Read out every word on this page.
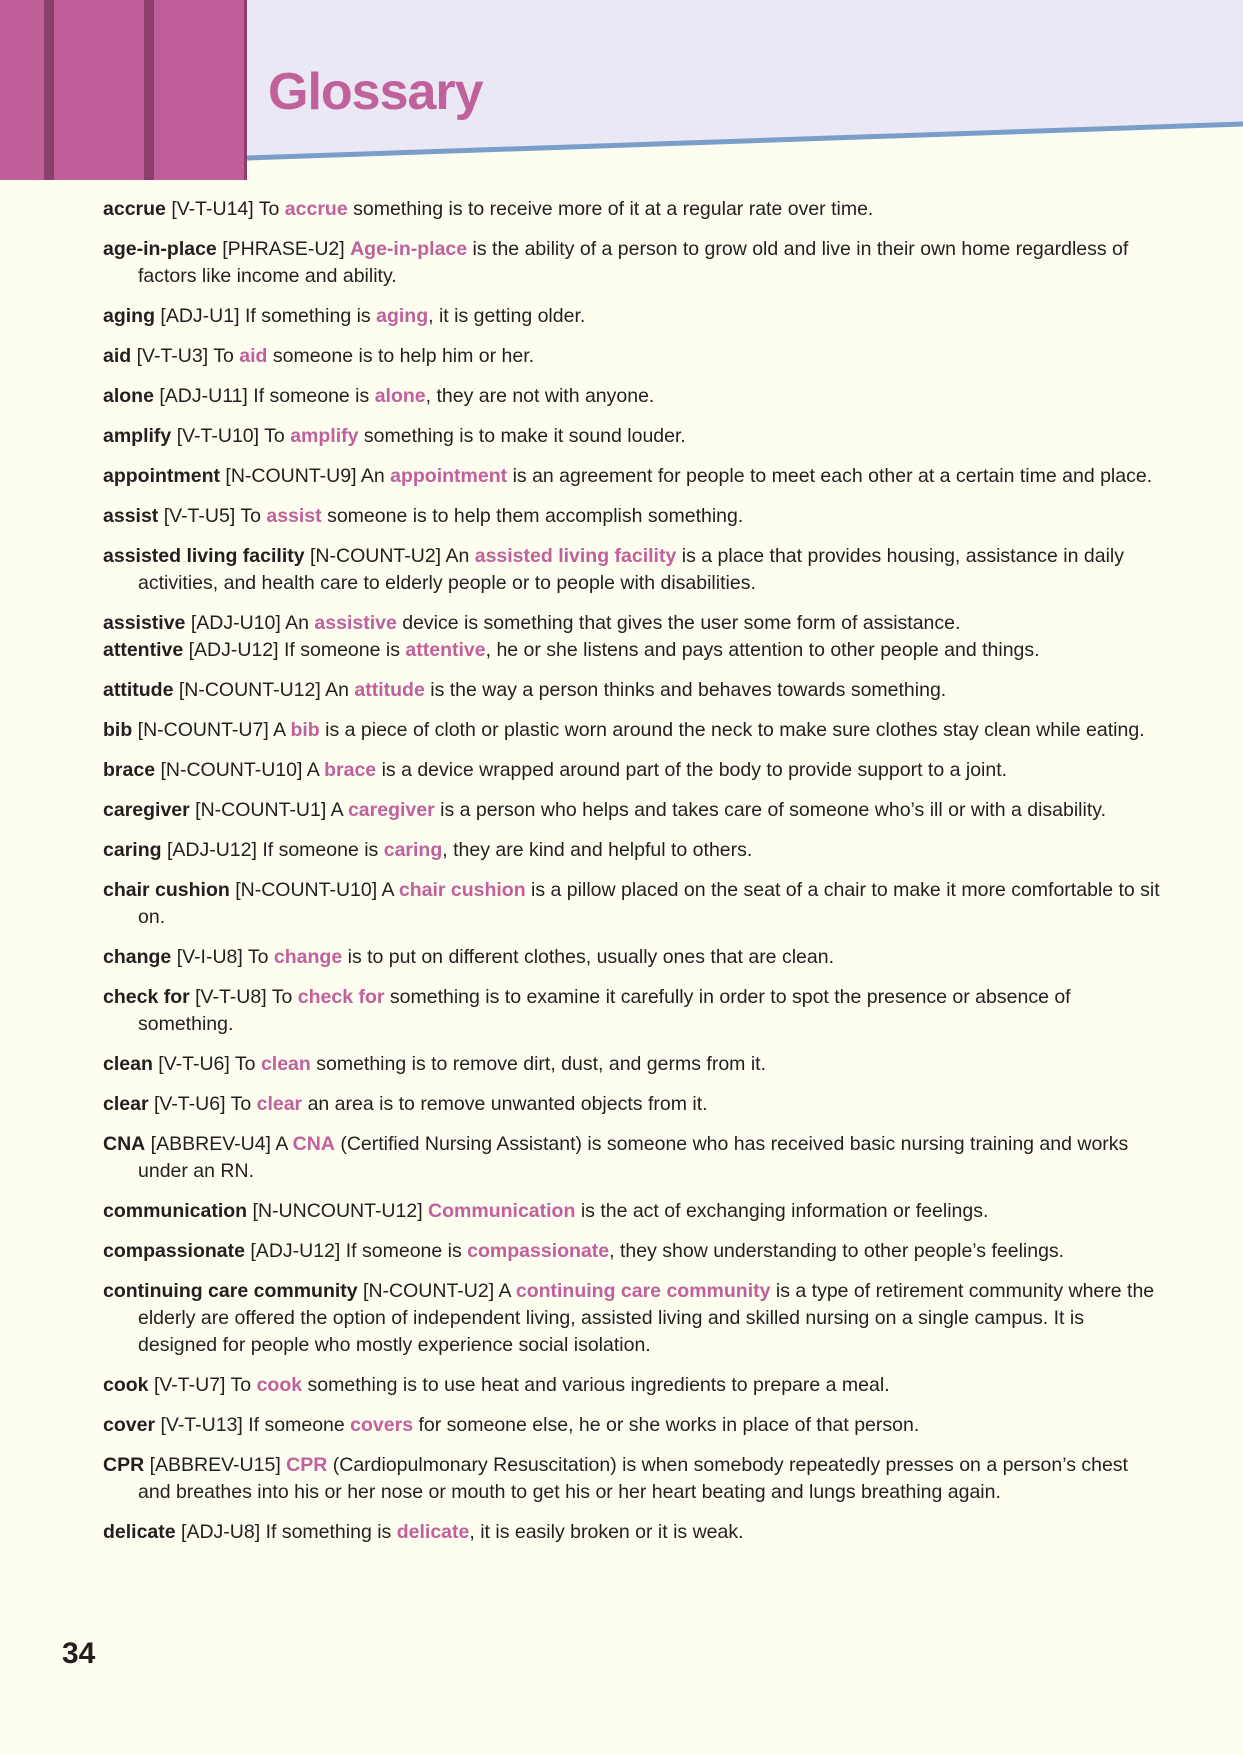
Glossary

accrue [V-T-U14] To accrue something is to receive more of it at a regular rate over time.

age-in-place [PHRASE-U2] Age-in-place is the ability of a person to grow old and live in their own home regardless of factors like income and ability.

aging [ADJ-U1] If something is aging, it is getting older.

aid [V-T-U3] To aid someone is to help him or her.

alone [ADJ-U11] If someone is alone, they are not with anyone.

amplify [V-T-U10] To amplify something is to make it sound louder.

appointment [N-COUNT-U9] An appointment is an agreement for people to meet each other at a certain time and place.

assist [V-T-U5] To assist someone is to help them accomplish something.

assisted living facility [N-COUNT-U2] An assisted living facility is a place that provides housing, assistance in daily activities, and health care to elderly people or to people with disabilities.

assistive [ADJ-U10] An assistive device is something that gives the user some form of assistance.

attentive [ADJ-U12] If someone is attentive, he or she listens and pays attention to other people and things.

attitude [N-COUNT-U12] An attitude is the way a person thinks and behaves towards something.

bib [N-COUNT-U7] A bib is a piece of cloth or plastic worn around the neck to make sure clothes stay clean while eating.

brace [N-COUNT-U10] A brace is a device wrapped around part of the body to provide support to a joint.

caregiver [N-COUNT-U1] A caregiver is a person who helps and takes care of someone who’s ill or with a disability.

caring [ADJ-U12] If someone is caring, they are kind and helpful to others.

chair cushion [N-COUNT-U10] A chair cushion is a pillow placed on the seat of a chair to make it more comfortable to sit on.

change [V-I-U8] To change is to put on different clothes, usually ones that are clean.

check for [V-T-U8] To check for something is to examine it carefully in order to spot the presence or absence of something.

clean [V-T-U6] To clean something is to remove dirt, dust, and germs from it.

clear [V-T-U6] To clear an area is to remove unwanted objects from it.

CNA [ABBREV-U4] A CNA (Certified Nursing Assistant) is someone who has received basic nursing training and works under an RN.

communication [N-UNCOUNT-U12] Communication is the act of exchanging information or feelings.

compassionate [ADJ-U12] If someone is compassionate, they show understanding to other people’s feelings.

continuing care community [N-COUNT-U2] A continuing care community is a type of retirement community where the elderly are offered the option of independent living, assisted living and skilled nursing on a single campus. It is designed for people who mostly experience social isolation.

cook [V-T-U7] To cook something is to use heat and various ingredients to prepare a meal.

cover [V-T-U13] If someone covers for someone else, he or she works in place of that person.

CPR [ABBREV-U15] CPR (Cardiopulmonary Resuscitation) is when somebody repeatedly presses on a person’s chest and breathes into his or her nose or mouth to get his or her heart beating and lungs breathing again.

delicate [ADJ-U8] If something is delicate, it is easily broken or it is weak.

34
